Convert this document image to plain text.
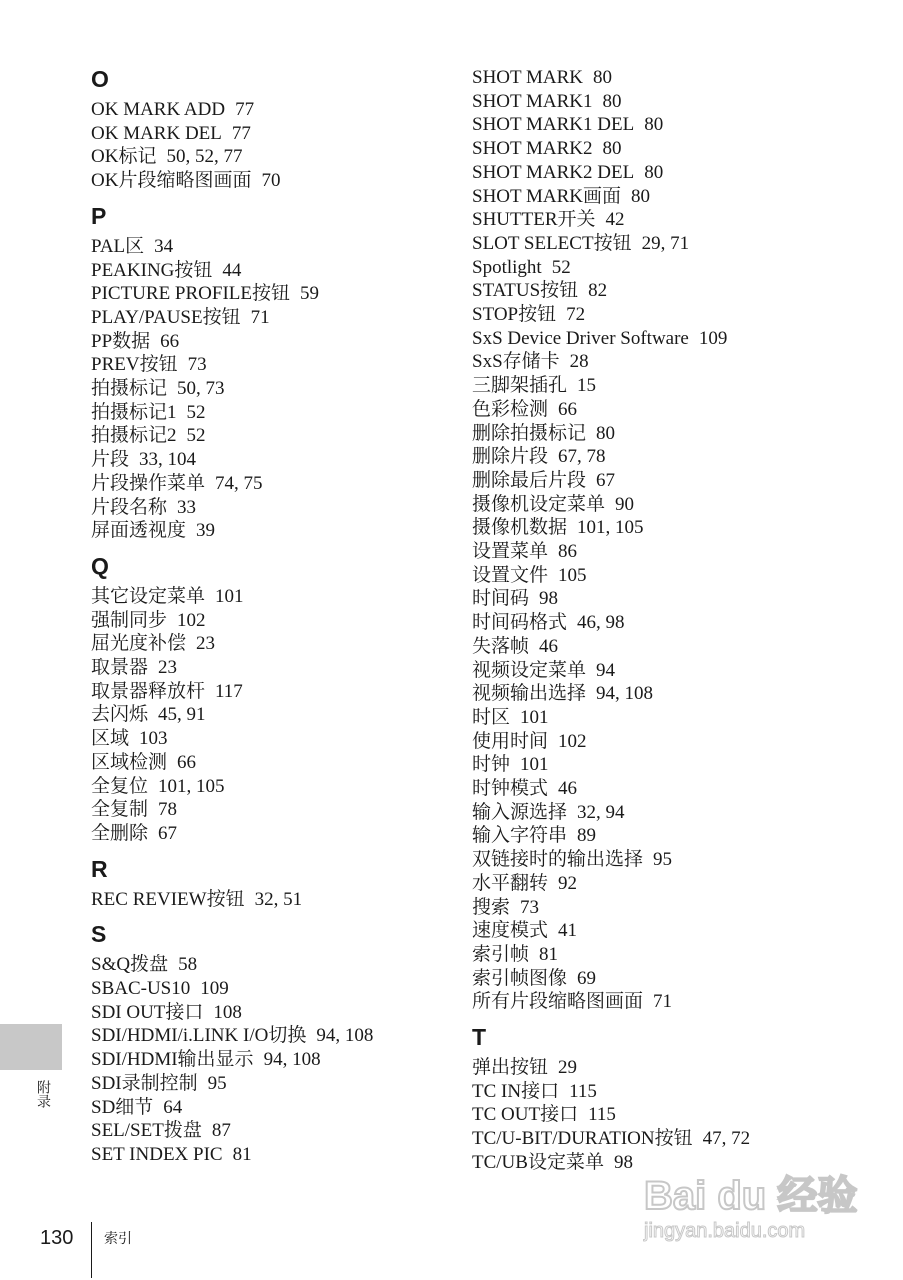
O
OK MARK ADD 77
OK MARK DEL 77
OK标记 50, 52, 77
OK片段缩略图画面 70
P
PAL区 34
PEAKING按钮 44
PICTURE PROFILE按钮 59
PLAY/PAUSE按钮 71
PP数据 66
PREV按钮 73
拍摄标记 50, 73
拍摄标记1 52
拍摄标记2 52
片段 33, 104
片段操作菜单 74, 75
片段名称 33
屏面透视度 39
Q
其它设定菜单 101
强制同步 102
屈光度补偿 23
取景器 23
取景器释放杆 117
去闪烁 45, 91
区域 103
区域检测 66
全复位 101, 105
全复制 78
全删除 67
R
REC REVIEW按钮 32, 51
S
S&Q拨盘 58
SBAC-US10 109
SDI OUT接口 108
SDI/HDMI/i.LINK I/O切换 94, 108
SDI/HDMI输出显示 94, 108
SDI录制控制 95
SD细节 64
SEL/SET拨盘 87
SET INDEX PIC 81
SHOT MARK 80
SHOT MARK1 80
SHOT MARK1 DEL 80
SHOT MARK2 80
SHOT MARK2 DEL 80
SHOT MARK画面 80
SHUTTER开关 42
SLOT SELECT按钮 29, 71
Spotlight 52
STATUS按钮 82
STOP按钮 72
SxS Device Driver Software 109
SxS存储卡 28
三脚架插孔 15
色彩检测 66
删除拍摄标记 80
删除片段 67, 78
删除最后片段 67
摄像机设定菜单 90
摄像机数据 101, 105
设置菜单 86
设置文件 105
时间码 98
时间码格式 46, 98
失落帧 46
视频设定菜单 94
视频输出选择 94, 108
时区 101
使用时间 102
时钟 101
时钟模式 46
输入源选择 32, 94
输入字符串 89
双链接时的输出选择 95
水平翻转 92
搜索 73
速度模式 41
索引帧 81
索引帧图像 69
所有片段缩略图画面 71
T
弹出按钮 29
TC IN接口 115
TC OUT接口 115
TC/U-BIT/DURATION按钮 47, 72
TC/UB设定菜单 98
附录
130 索引
Bai du 经验
jingyan.baidu.com
